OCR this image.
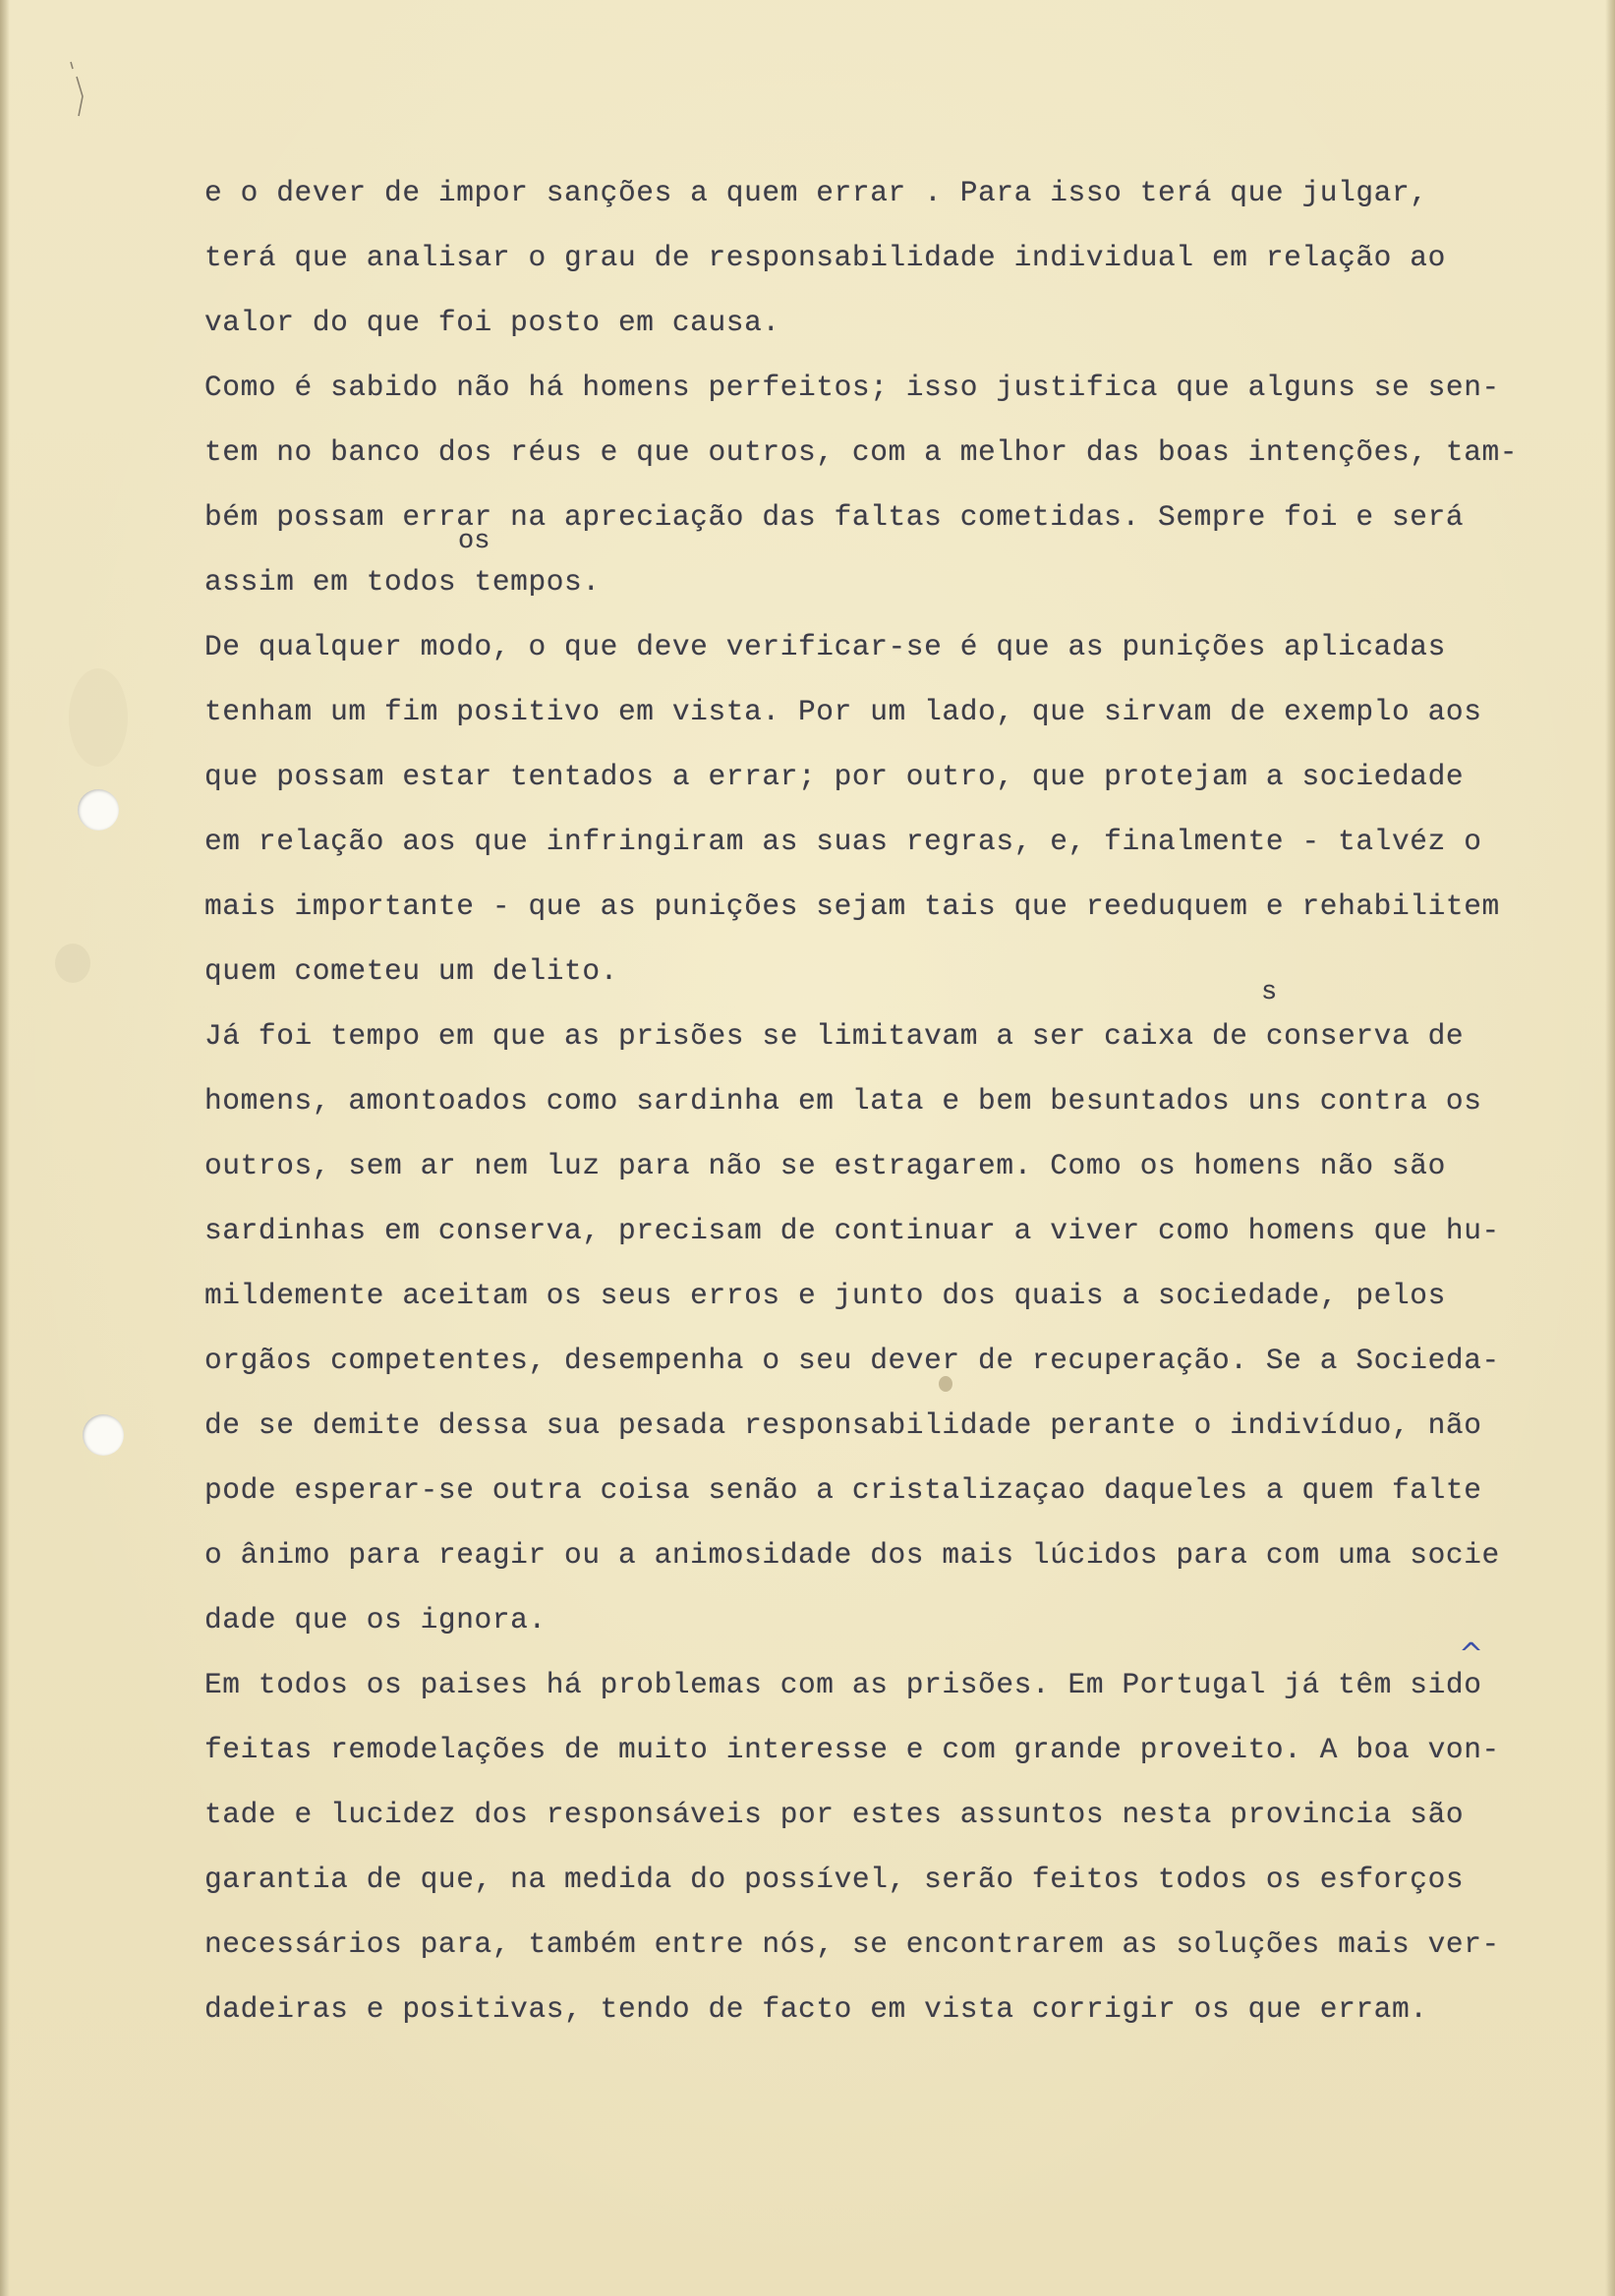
e o dever de impor sanções a quem errar . Para isso terá que julgar,
terá que analisar o grau de responsabilidade individual em relação ao
valor do que foi posto em causa.
Como é sabido não há homens perfeitos; isso justifica que alguns se sen-
tem no banco dos réus e que outros, com a melhor das boas intenções, tam-
bém possam errar na apreciação das faltas cometidas. Sempre foi e será
assim em todos tempos.
De qualquer modo, o que deve verificar-se é que as punições aplicadas
tenham um fim positivo em vista. Por um lado, que sirvam de exemplo aos
que possam estar tentados a errar; por outro, que protejam a sociedade
em relação aos que infringiram as suas regras, e, finalmente - talvéz o
mais importante - que as punições sejam tais que reeduquem e rehabilitem
quem cometeu um delito.
Já foi tempo em que as prisões se limitavam a ser caixa de conserva de
homens, amontoados como sardinha em lata e bem besuntados uns contra os
outros, sem ar nem luz para não se estragarem. Como os homens não são
sardinhas em conserva, precisam de continuar a viver como homens que hu-
mildemente aceitam os seus erros e junto dos quais a sociedade, pelos
orgãos competentes, desempenha o seu dever de recuperação. Se a Socieda-
de se demite dessa sua pesada responsabilidade perante o indivíduo, não
pode esperar-se outra coisa senão a cristalizaçao daqueles a quem falte
o ânimo para reagir ou a animosidade dos mais lúcidos para com uma socie
dade que os ignora.
Em todos os paises há problemas com as prisões. Em Portugal já têm sido
feitas remodelações de muito interesse e com grande proveito. A boa von-
tade e lucidez dos responsáveis por estes assuntos nesta provincia são
garantia de que, na medida do possível, serão feitos todos os esforços
necessários para, também entre nós, se encontrarem as soluções mais ver-
dadeiras e positivas, tendo de facto em vista corrigir os que erram.
os
s
^
